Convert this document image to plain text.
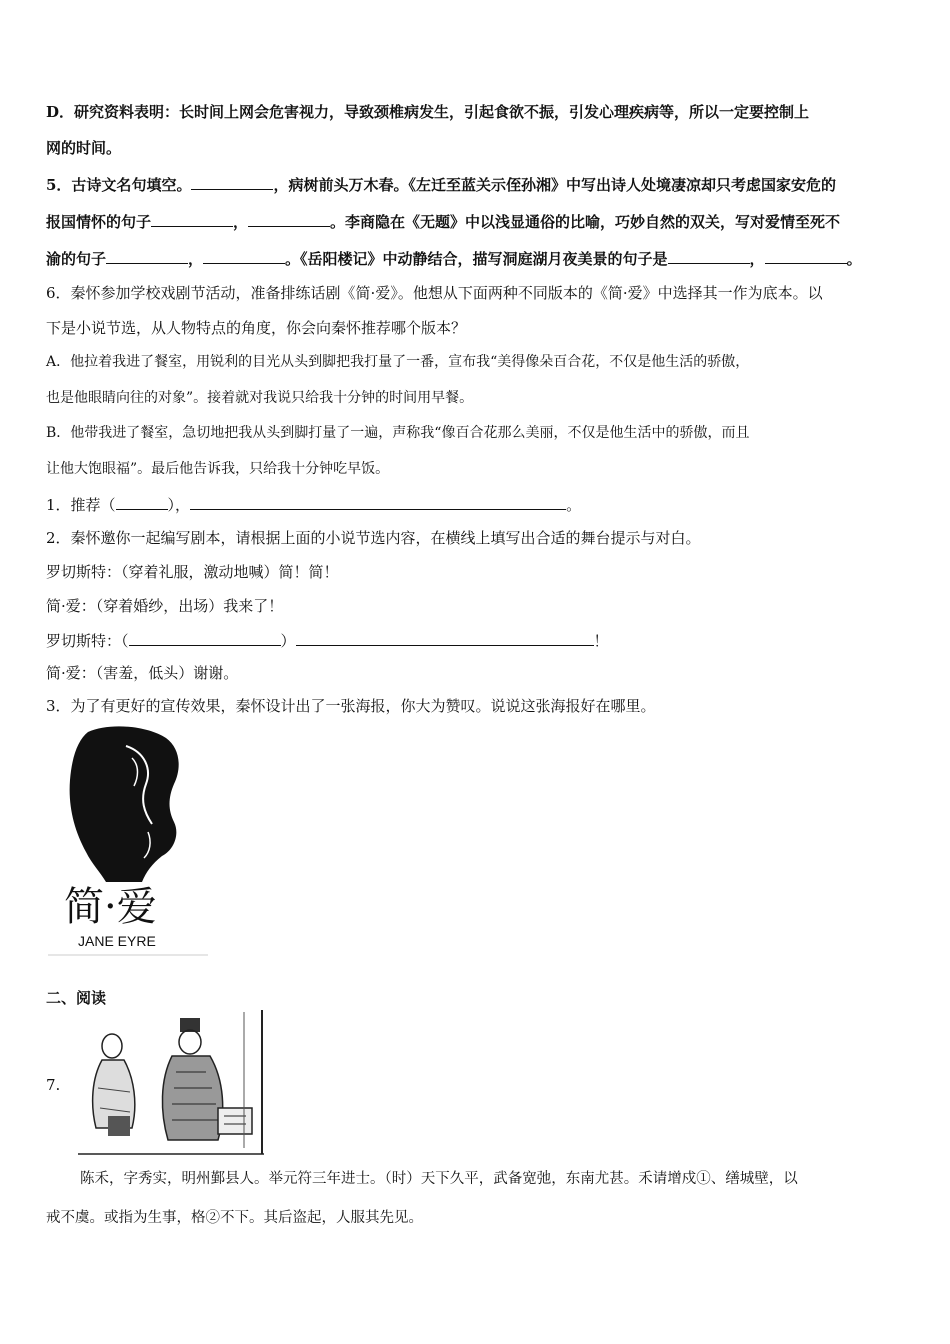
D．研究资料表明：长时间上网会危害视力，导致颈椎病发生，引起食欲不振，引发心理疾病等，所以一定要控制上
网的时间。
5．古诗文名句填空。	，病树前头万木春。《左迁至蓝关示侄孙湘》中写出诗人处境凄凉却只考虑国家安危的
报国情怀的句子	，	。李商隐在《无题》中以浅显通俗的比喻，巧妙自然的双关，写对爱情至死不
渝的句子	，	。《岳阳楼记》中动静结合，描写洞庭湖月夜美景的句子是	，	。
6．秦怀参加学校戏剧节活动，准备排练话剧《简·爱》。他想从下面两种不同版本的《简·爱》中选择其一作为底本。以
下是小说节选，从人物特点的角度，你会向秦怀推荐哪个版本？
A．他拉着我进了餐室，用锐利的目光从头到脚把我打量了一番，宣布我“美得像朵百合花，不仅是他生活的骄傲，
也是他眼睛向往的对象”。接着就对我说只给我十分钟的时间用早餐。
B．他带我进了餐室，急切地把我从头到脚打量了一遍，声称我“像百合花那么美丽，不仅是他生活中的骄傲，而且
让他大饱眼福”。最后他告诉我，只给我十分钟吃早饭。
1．推荐（	），	。
2．秦怀邀你一起编写剧本，请根据上面的小说节选内容，在横线上填写出合适的舞台提示与对白。
罗切斯特：（穿着礼服，激动地喊）简！简！
简·爱：（穿着婚纱，出场）我来了！
罗切斯特：（	）	！
简·爱：（害羞，低头）谢谢。
3．为了有更好的宣传效果，秦怀设计出了一张海报，你大为赞叹。说说这张海报好在哪里。
简·爱
JANE EYRE
二、阅读
7.
陈禾，字秀实，明州鄞县人。举元符三年进士。（时）天下久平，武备宽弛，东南尤甚。禾请增戍①、缮城壁，以
戒不虞。或指为生事，格②不下。其后盗起，人服其先见。
